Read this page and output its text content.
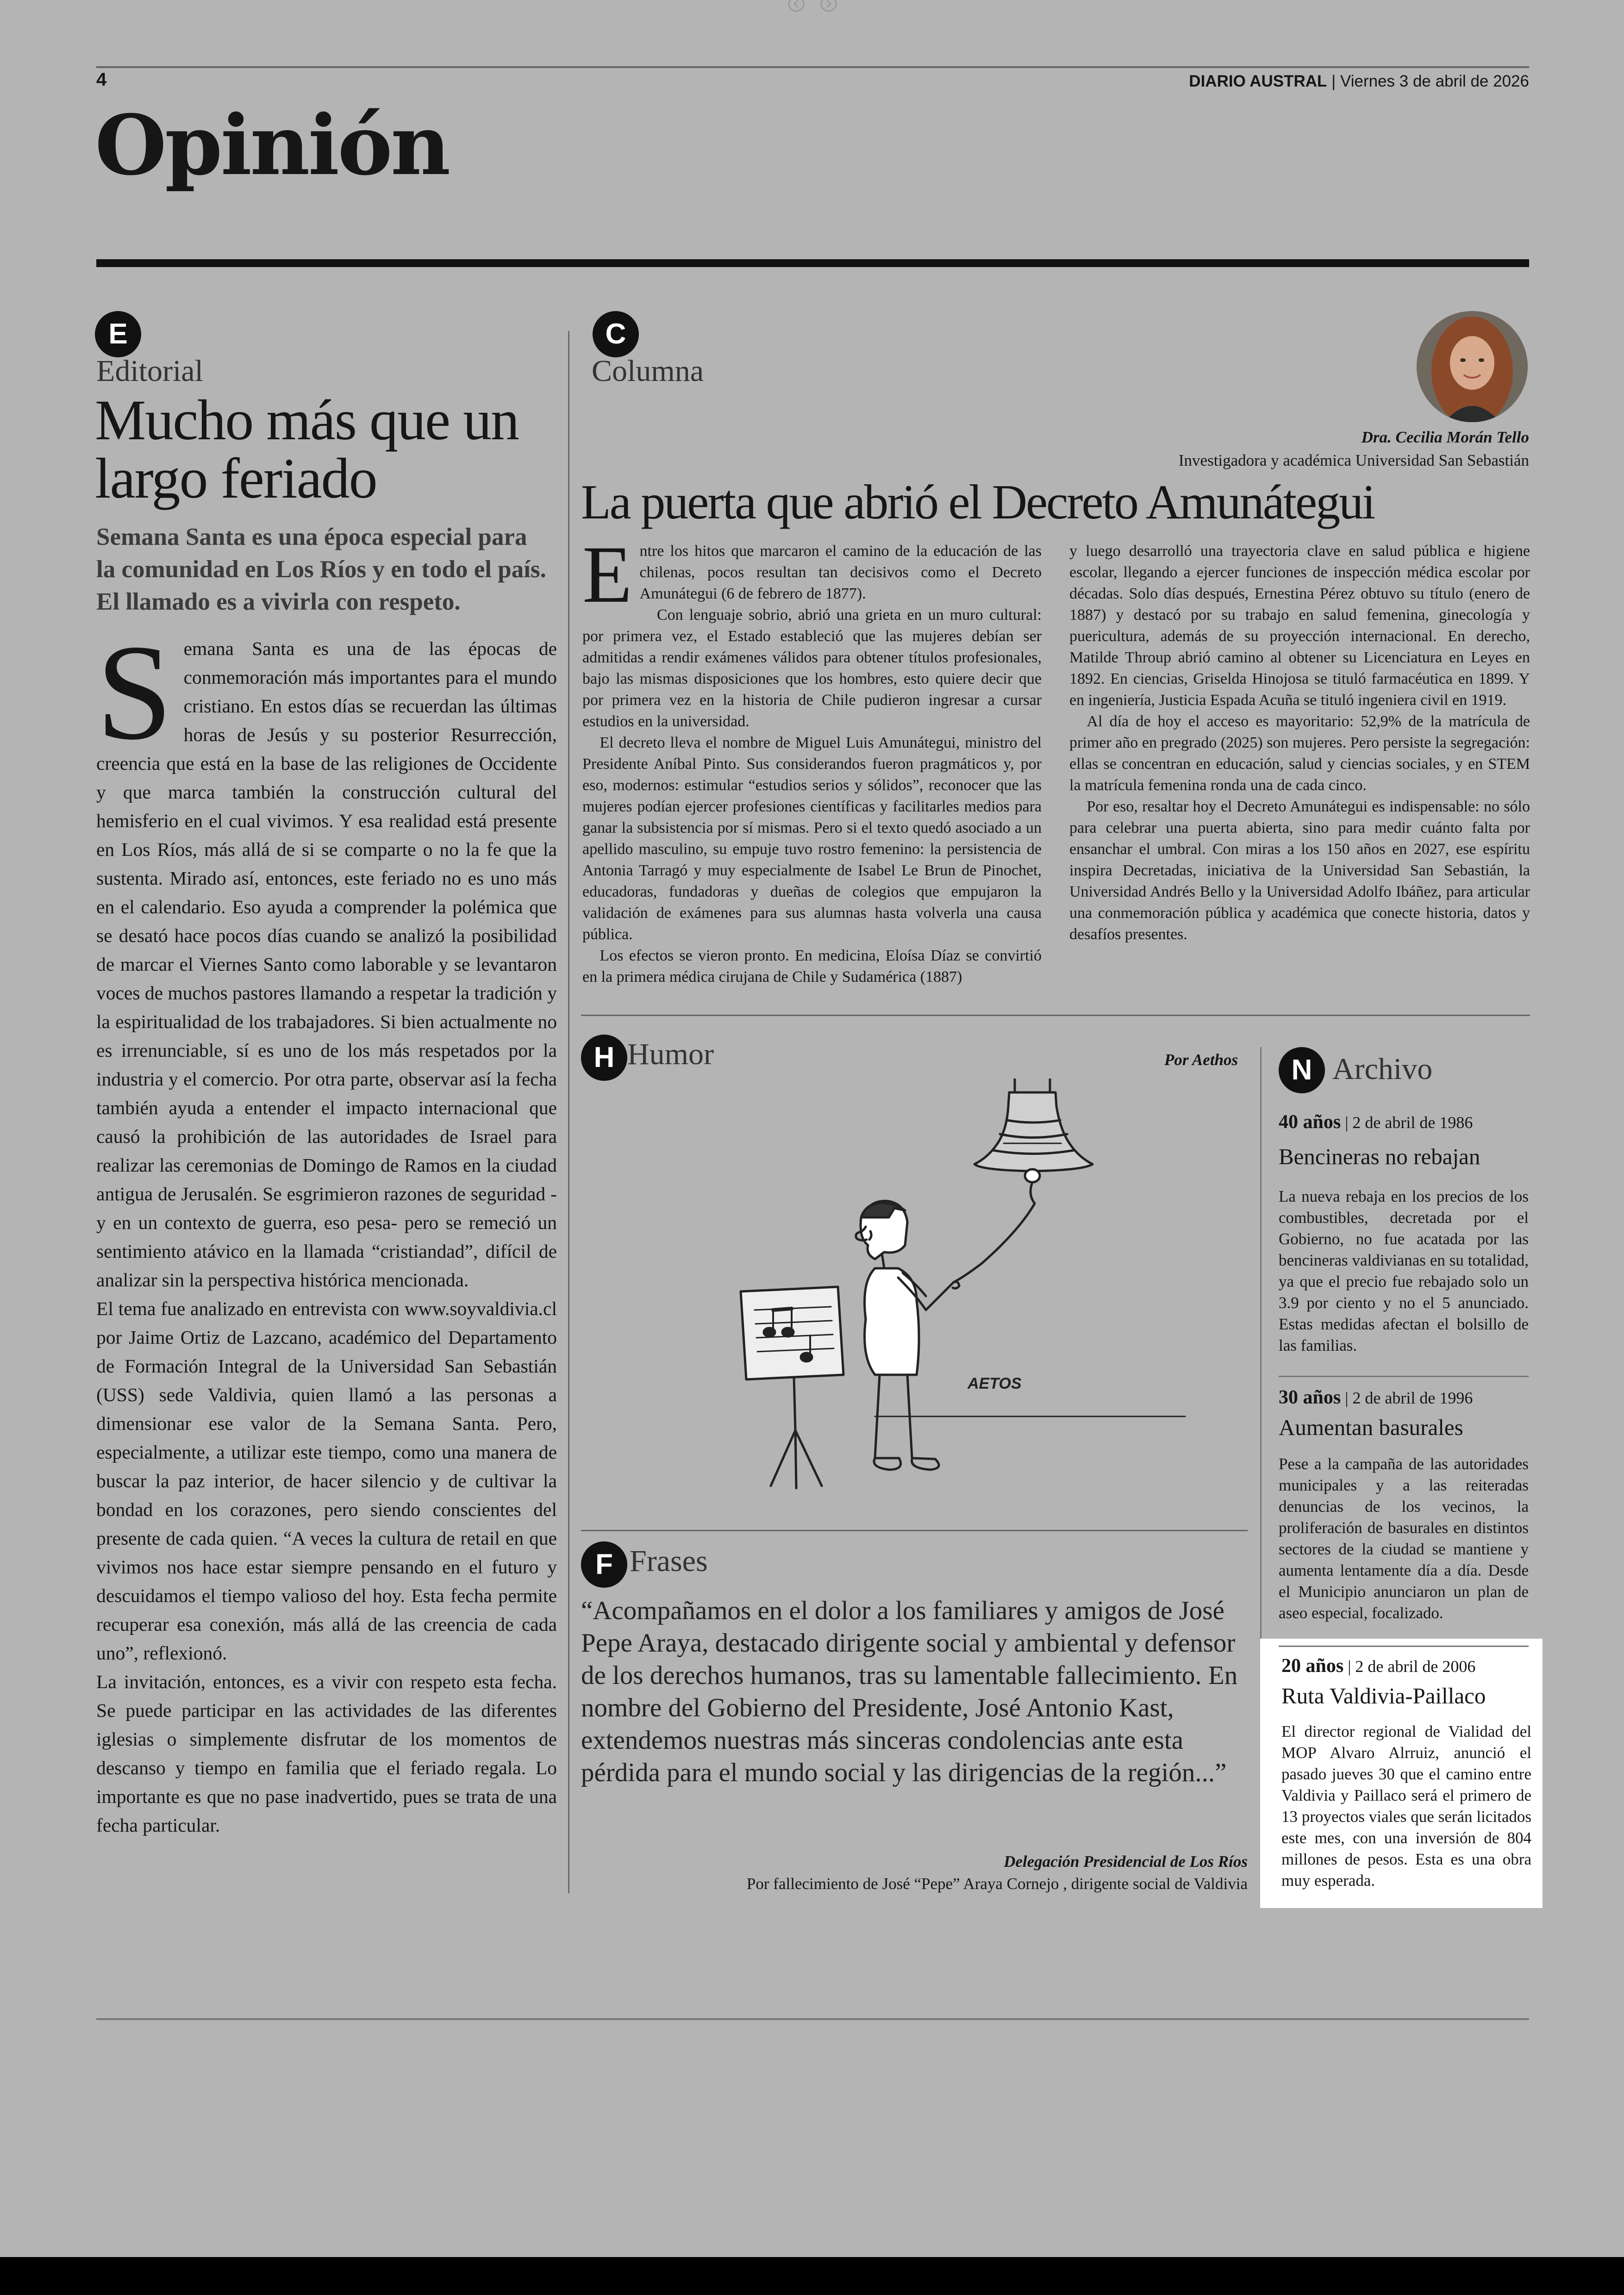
4	DIARIO AUSTRAL | Viernes 3 de abril de 2026
Opinión
E
Editorial
Mucho más que un largo feriado
Semana Santa es una época especial para la comunidad en Los Ríos y en todo el país. El llamado es a vivirla con respeto.
S emana Santa es una de las épocas de conmemoración más importantes para el mundo cristiano. En estos días se recuerdan las últimas horas de Jesús y su posterior Resurrección, creencia que está en la base de las religiones de Occidente y que marca también la construcción cultural del hemisferio en el cual vivimos. Y esa realidad está presente en Los Ríos, más allá de si se comparte o no la fe que la sustenta. Mirado así, entonces, este feriado no es uno más en el calendario. Eso ayuda a comprender la polémica que se desató hace pocos días cuando se analizó la posibilidad de marcar el Viernes Santo como laborable y se levantaron voces de muchos pastores llamando a respetar la tradición y la espiritualidad de los trabajadores. Si bien actualmente no es irrenunciable, sí es uno de los más respetados por la industria y el comercio. Por otra parte, observar así la fecha también ayuda a entender el impacto internacional que causó la prohibición de las autoridades de Israel para realizar las ceremonias de Domingo de Ramos en la ciudad antigua de Jerusalén. Se esgrimieron razones de seguridad -y en un contexto de guerra, eso pesa- pero se remeció un sentimiento atávico en la llamada “cristiandad”, difícil de analizar sin la perspectiva histórica mencionada.

El tema fue analizado en entrevista con www.soyvaldivia.cl por Jaime Ortiz de Lazcano, académico del Departamento de Formación Integral de la Universidad San Sebastián (USS) sede Valdivia, quien llamó a las personas a dimensionar ese valor de la Semana Santa. Pero, especialmente, a utilizar este tiempo, como una manera de buscar la paz interior, de hacer silencio y de cultivar la bondad en los corazones, pero siendo conscientes del presente de cada quien. “A veces la cultura de retail en que vivimos nos hace estar siempre pensando en el futuro y descuidamos el tiempo valioso del hoy. Esta fecha permite recuperar esa conexión, más allá de las creencia de cada uno”, reflexionó.

La invitación, entonces, es a vivir con respeto esta fecha. Se puede participar en las actividades de las diferentes iglesias o simplemente disfrutar de los momentos de descanso y tiempo en familia que el feriado regala. Lo importante es que no pase inadvertido, pues se trata de una fecha particular.

C
Columna
Dra. Cecilia Morán Tello
Investigadora y académica Universidad San Sebastián
La puerta que abrió el Decreto Amunátegui
E ntre los hitos que marcaron el camino de la educación de las chilenas, pocos resultan tan decisivos como el Decreto Amunátegui (6 de febrero de 1877).

Con lenguaje sobrio, abrió una grieta en un muro cultural: por primera vez, el Estado estableció que las mujeres debían ser admitidas a rendir exámenes válidos para obtener títulos profesionales, bajo las mismas disposiciones que los hombres, esto quiere decir que por primera vez en la historia de Chile pudieron ingresar a cursar estudios en la universidad.

El decreto lleva el nombre de Miguel Luis Amunátegui, ministro del Presidente Aníbal Pinto. Sus considerandos fueron pragmáticos y, por eso, modernos: estimular “estudios serios y sólidos”, reconocer que las mujeres podían ejercer profesiones científicas y facilitarles medios para ganar la subsistencia por sí mismas. Pero si el texto quedó asociado a un apellido masculino, su empuje tuvo rostro femenino: la persistencia de Antonia Tarragó y muy especialmente de Isabel Le Brun de Pinochet, educadoras, fundadoras y dueñas de colegios que empujaron la validación de exámenes para sus alumnas hasta volverla una causa pública.

Los efectos se vieron pronto. En medicina, Eloísa Díaz se convirtió en la primera médica cirujana de Chile y Sudamérica (1887)

y luego desarrolló una trayectoria clave en salud pública e higiene escolar, llegando a ejercer funciones de inspección médica escolar por décadas. Solo días después, Ernestina Pérez obtuvo su título (enero de 1887) y destacó por su trabajo en salud femenina, ginecología y puericultura, además de su proyección internacional. En derecho, Matilde Throup abrió camino al obtener su Licenciatura en Leyes en 1892. En ciencias, Griselda Hinojosa se tituló farmacéutica en 1899. Y en ingeniería, Justicia Espada Acuña se tituló ingeniera civil en 1919.

Al día de hoy el acceso es mayoritario: 52,9% de la matrícula de primer año en pregrado (2025) son mujeres. Pero persiste la segregación: ellas se concentran en educación, salud y ciencias sociales, y en STEM la matrícula femenina ronda una de cada cinco.

Por eso, resaltar hoy el Decreto Amunátegui es indispensable: no sólo para celebrar una puerta abierta, sino para medir cuánto falta por ensanchar el umbral. Con miras a los 150 años en 2027, ese espíritu inspira Decretadas, iniciativa de la Universidad San Sebastián, la Universidad Andrés Bello y la Universidad Adolfo Ibáñez, para articular una conmemoración pública y académica que conecte historia, datos y desafíos presentes.

H Humor	Por Aethos
AETOS
F Frases
“Acompañamos en el dolor a los familiares y amigos de José Pepe Araya, destacado dirigente social y ambiental y defensor de los derechos humanos, tras su lamentable fallecimiento. En nombre del Gobierno del Presidente, José Antonio Kast, extendemos nuestras más sinceras condolencias ante esta pérdida para el mundo social y las dirigencias de la región...”
Delegación Presidencial de Los Ríos
Por fallecimiento de José “Pepe” Araya Cornejo , dirigente social de Valdivia
N Archivo
40 años | 2 de abril de 1986
Bencineras no rebajan
La nueva rebaja en los precios de los combustibles, decretada por el Gobierno, no fue acatada por las bencineras valdivianas en su totalidad, ya que el precio fue rebajado solo un 3.9 por ciento y no el 5 anunciado. Estas medidas afectan el bolsillo de las familias.
30 años | 2 de abril de 1996
Aumentan basurales
Pese a la campaña de las autoridades municipales y a las reiteradas denuncias de los vecinos, la proliferación de basurales en distintos sectores de la ciudad se mantiene y aumenta lentamente día a día. Desde el Municipio anunciaron un plan de aseo especial, focalizado.
20 años | 2 de abril de 2006
Ruta Valdivia-Paillaco
El director regional de Vialidad del MOP Alvaro Alrruiz, anunció el pasado jueves 30 que el camino entre Valdivia y Paillaco será el primero de 13 proyectos viales que serán licitados este mes, con una inversión de 804 millones de pesos. Esta es una obra muy esperada.
